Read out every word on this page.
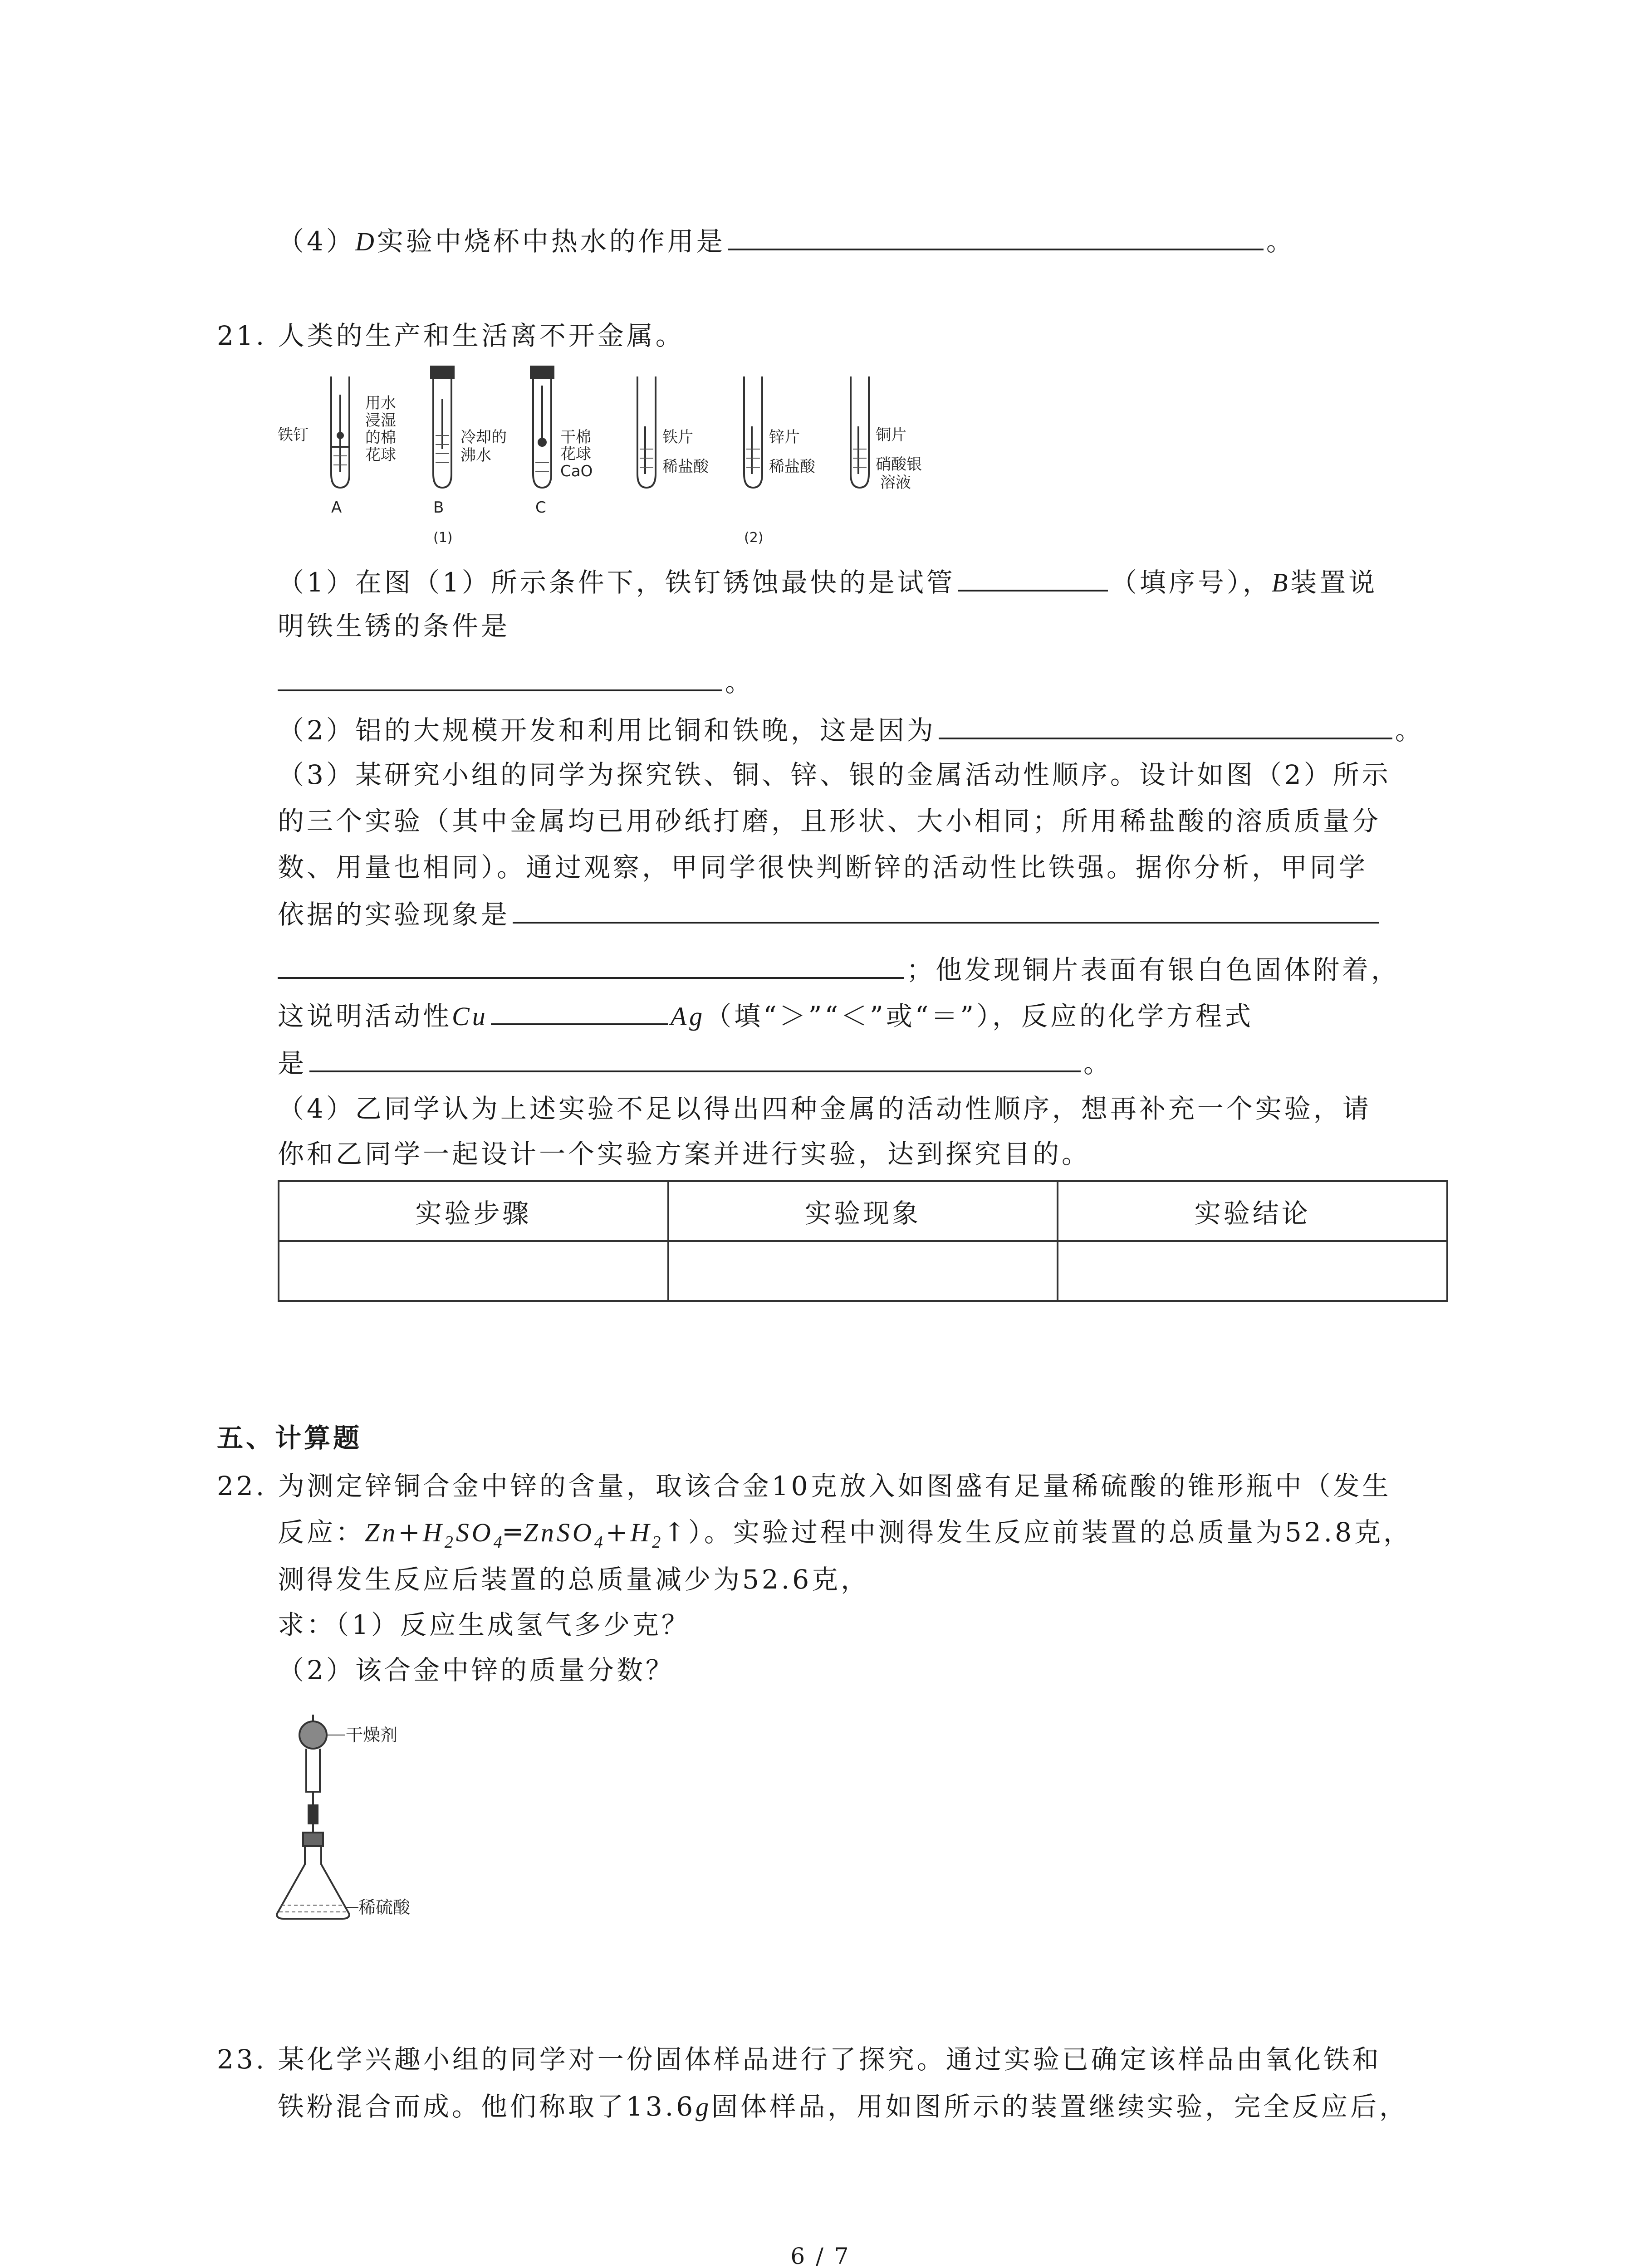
（4）D实验中烧杯中热水的作用是	。
21. 人类的生产和生活离不开金属。
铁钉
用水
浸湿
的棉
花球
冷却的
沸水
干棉
花球
CaO
铁片
稀盐酸
锌片
稀盐酸
铜片
硝酸银
溶液
A	B	C
(1)	(2)
（1）在图（1）所示条件下，铁钉锈蚀最快的是试管	（填序号），B装置说
明铁生锈的条件是
。
（2）铝的大规模开发和利用比铜和铁晚，这是因为	。
（3）某研究小组的同学为探究铁、铜、锌、银的金属活动性顺序。设计如图（2）所示
的三个实验（其中金属均已用砂纸打磨，且形状、大小相同；所用稀盐酸的溶质质量分
数、用量也相同）。通过观察，甲同学很快判断锌的活动性比铁强。据你分析，甲同学
依据的实验现象是
；他发现铜片表面有银白色固体附着，
这说明活动性Cu	Ag（填“＞”“＜”或“＝”），反应的化学方程式
是	。
（4）乙同学认为上述实验不足以得出四种金属的活动性顺序，想再补充一个实验，请
你和乙同学一起设计一个实验方案并进行实验，达到探究目的。
实验步骤	实验现象	实验结论

五、计算题
22. 为测定锌铜合金中锌的含量，取该合金10克放入如图盛有足量稀硫酸的锥形瓶中（发生
反应：$Zn+H_2SO_4═ZnSO_4+H_2↑$）。实验过程中测得发生反应前装置的总质量为52.8克，
测得发生反应后装置的总质量减少为52.6克，
求：（1）反应生成氢气多少克？
（2）该合金中锌的质量分数？
干燥剂
稀硫酸
23. 某化学兴趣小组的同学对一份固体样品进行了探究。通过实验已确定该样品由氧化铁和
铁粉混合而成。他们称取了13.6g固体样品，用如图所示的装置继续实验，完全反应后，
6 / 7
